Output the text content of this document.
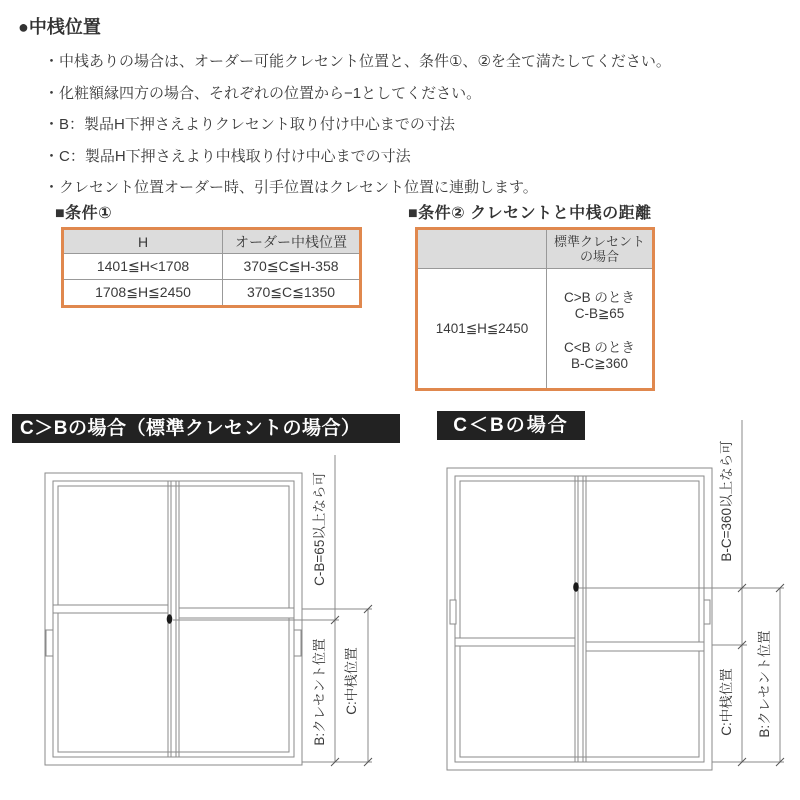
●中桟位置
・中桟ありの場合は、オーダー可能クレセント位置と、条件①、②を全て満たしてください。
・化粧額縁四方の場合、それぞれの位置から−1としてください。
・B：製品H下押さえよりクレセント取り付け中心までの寸法
・C：製品H下押さえより中桟取り付け中心までの寸法
・クレセント位置オーダー時、引手位置はクレセント位置に連動します。
■条件①
H	オーダー中桟位置
1401≦H<1708	370≦C≦H-358
1708≦H≦2450	370≦C≦1350
■条件② クレセントと中桟の距離

	標準クレセント
の場合

1401≦H≦2450	C>B のとき
C-B≧65
C<B のとき
B-C≧360
C＞Bの場合（標準クレセントの場合）	C＜Bの場合
C-B=65以上なら可
B:クレセント位置 C:中桟位置
B-C=360以上なら可
C:中桟位置 B:クレセント位置
